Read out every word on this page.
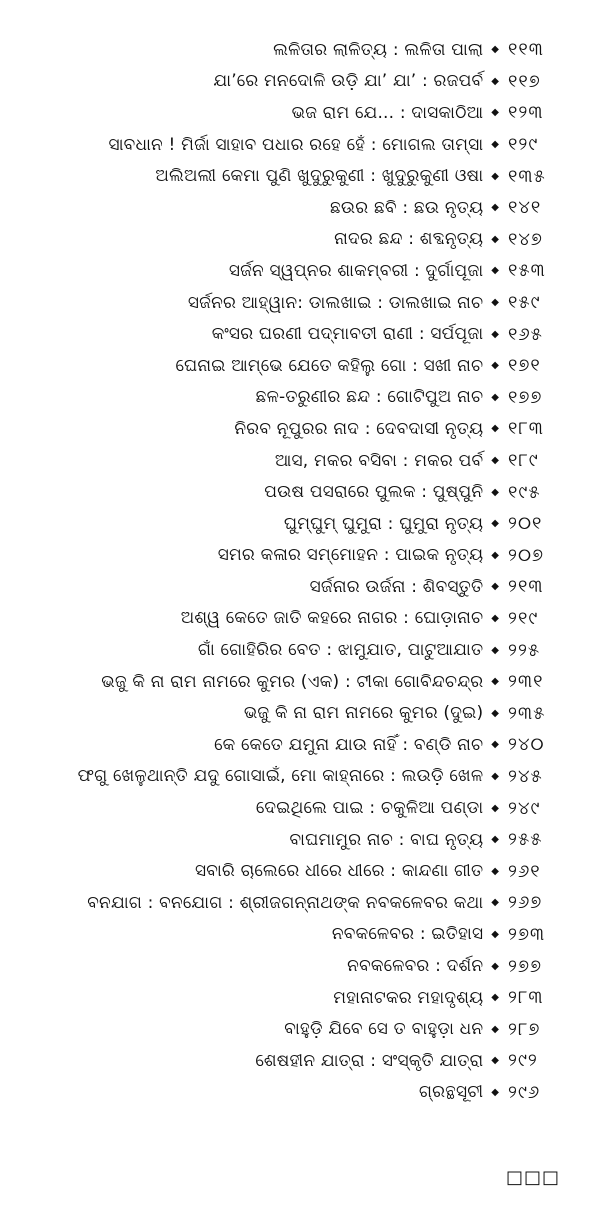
ଲଳିତାର ଲାଳିତ୍ୟ : ଲଳିତା ପାଲା ◆ ୧୧୩
ଯା’ରେ ମନଦୋଳି ଉଡ଼ି ଯା’ ଯା’ : ରଜପର୍ବ ◆ ୧୧୭
ଭଜ ରାମ ଯେ... : ଦାସକାଠିଆ ◆ ୧୨୩
ସାବଧାନ ! ମିର୍ଜା ସାହାବ ପଧାର ରହେ ହେଁ : ମୋଗଲ ତାମ୍‌ସା ◆ ୧୨୯
ଅଲିଅଲୀ କେମା ପୁଣି ଖୁଦୁରୁକୁଣୀ : ଖୁଦୁରୁକୁଣୀ ଓଷା ◆ ୧୩୫
ଛଉର ଛବି : ଛଉ ନୃତ୍ୟ ◆ ୧୪୧
ନାଦର ଛନ୍ଦ : ଶବ୍ଦନୃତ୍ୟ ◆ ୧୪୭
ସର୍ଜନ ସ୍ୱପ୍ନର ଶାକମ୍ବରୀ : ଦୁର୍ଗାପୂଜା ◆ ୧୫୩
ସର୍ଜନର ଆହ୍ୱାନ: ଡାଲଖାଇ : ଡାଲଖାଇ ନାଚ ◆ ୧୫୯
କଂସର ଘରଣୀ ପଦ୍ମାବତୀ ରାଣୀ : ସର୍ପପୂଜା ◆ ୧୬୫
ଘେନାଇ ଆମ୍ଭେ ଯେତେ କହିଲୁ ଗୋ : ସଖୀ ନାଚ ◆ ୧୭୧
ଛଳ-ତରୁଣୀର ଛନ୍ଦ : ଗୋଟିପୁଅ ନାଚ ◆ ୧୭୭
ନିରବ ନୂପୁରର ନାଦ : ଦେବଦାସୀ ନୃତ୍ୟ ◆ ୧୮୩
ଆସ, ମକର ବସିବା : ମକର ପର୍ବ ◆ ୧୮୯
ପଉଷ ପସରାରେ ପୁଲକ : ପୁଷ୍ପୁନି ◆ ୧୯୫
ଘୁମ୍‌ଘୁମ୍ ଘୁମୁରା : ଘୁମୁରା ନୃତ୍ୟ ◆ ୨୦୧
ସମର କଳାର ସମ୍ମୋହନ : ପାଇକ ନୃତ୍ୟ ◆ ୨୦୭
ସର୍ଜନାର ଉର୍ଜନା : ଶିବସ୍ତୁତି ◆ ୨୧୩
ଅଶ୍ୱ କେତେ ଜାତି କହରେ ନାଗର : ଘୋଡ଼ାନାଚ ◆ ୨୧୯
ଗାଁ ଗୋହିରିର ବେତ : ଝାମୁଯାତ, ପାଟୁଆଯାତ ◆ ୨୨୫
ଭଜୁ କି ନା ରାମ ନାମରେ କୁମର (ଏକ) : ଟୀକା ଗୋବିନ୍ଦଚନ୍ଦ୍ର ◆ ୨୩୧
ଭଜୁ କି ନା ରାମ ନାମରେ କୁମର (ଦୁଇ) ◆ ୨୩୫
କେ କେତେ ଯମୁନା ଯାଉ ନାହିଁ : ବଣ୍ଡି ନାଚ ◆ ୨୪୦
ଫଗୁ ଖେଳୁଥାନ୍ତି ଯଦୁ ଗୋସାଇଁ, ମୋ କାହ୍ନାରେ : ଲଉଡ଼ି ଖେଳ ◆ ୨୪୫
ଦେଇଥିଲେ ପାଇ : ଚକୁଳିଆ ପଣ୍ଡା ◆ ୨୪୯
ବାଘମାମୁର ନାଚ : ବାଘ ନୃତ୍ୟ ◆ ୨୫୫
ସବାରି ଚାଲେରେ ଧୀରେ ଧୀରେ : କାନ୍ଦଣା ଗୀତ ◆ ୨୬୧
ବନଯାଗ : ବନଯୋଗ : ଶ୍ରୀଜଗନ୍ନାଥଙ୍କ ନବକଳେବର କଥା ◆ ୨୬୭
ନବକଳେବର : ଇତିହାସ ◆ ୨୭୩
ନବକଳେବର : ଦର୍ଶନ ◆ ୨୭୭
ମହାନାଟକର ମହାଦୃଶ୍ୟ ◆ ୨୮୩
ବାହୁଡ଼ି ଯିବେ ସେ ତ ବାହୁଡ଼ା ଧନ ◆ ୨୮୭
ଶେଷହୀନ ଯାତ୍ରା : ସଂସ୍କୃତି ଯାତ୍ରା ◆ ୨୯୨
ଗ୍ରନ୍ଥସୂଚୀ ◆ ୨୯୬
□□□
